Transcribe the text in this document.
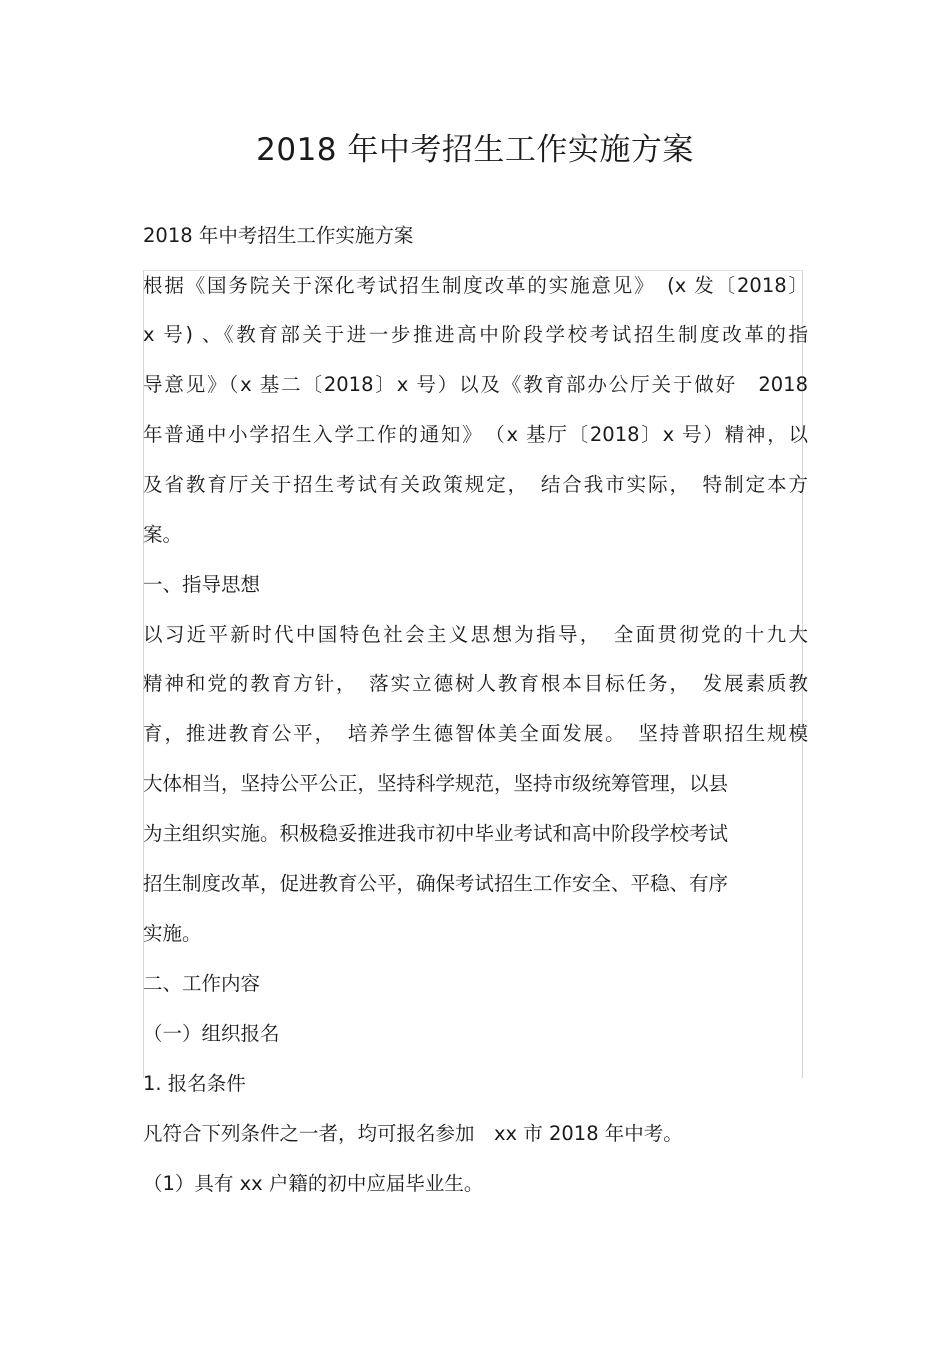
2018 年中考招生工作实施方案

2018 年中考招生工作实施方案

根据《国务院关于深化考试招生制度改革的实施意见》　(x 发〔2018〕

x 号) 、《教育部关于进一步推进高中阶段学校考试招生制度改革的指

导意见》（x 基二〔2018〕x 号）以及《教育部办公厅关于做好　2018

年普通中小学招生入学工作的通知》　（x 基厅〔2018〕x 号）精神，以

及省教育厅关于招生考试有关政策规定，　结合我市实际，　特制定本方

案。

一、指导思想

以习近平新时代中国特色社会主义思想为指导，　全面贯彻党的十九大

精神和党的教育方针，　落实立德树人教育根本目标任务，　发展素质教

育，推进教育公平，　培养学生德智体美全面发展。　坚持普职招生规模

大体相当，坚持公平公正，坚持科学规范，坚持市级统筹管理，以县

为主组织实施。积极稳妥推进我市初中毕业考试和高中阶段学校考试

招生制度改革，促进教育公平，确保考试招生工作安全、平稳、有序

实施。

二、工作内容

（一）组织报名

1. 报名条件

凡符合下列条件之一者，均可报名参加　xx 市 2018 年中考。

（1）具有 xx 户籍的初中应届毕业生。
